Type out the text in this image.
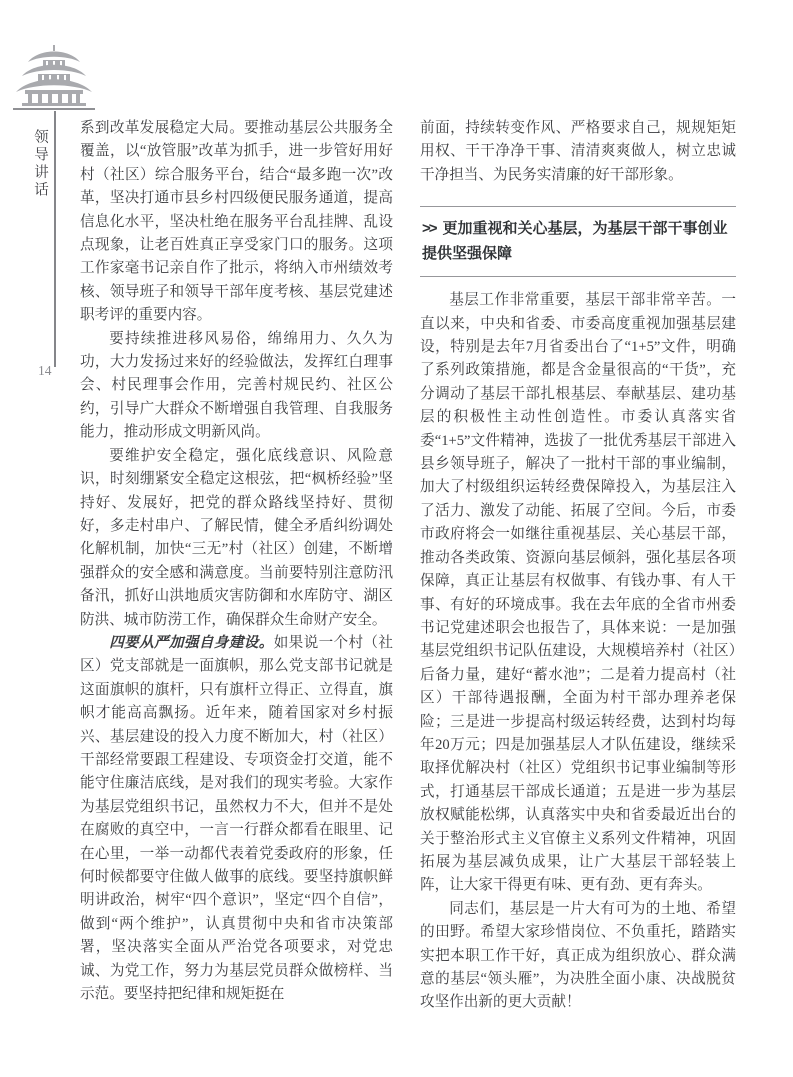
领导讲话
14

系到改革发展稳定大局。要推动基层公共服务全覆盖，以“放管服”改革为抓手，进一步管好用好村（社区）综合服务平台，结合“最多跑一次”改革，坚决打通市县乡村四级便民服务通道，提高信息化水平，坚决杜绝在服务平台乱挂牌、乱设点现象，让老百姓真正享受家门口的服务。这项工作家毫书记亲自作了批示，将纳入市州绩效考核、领导班子和领导干部年度考核、基层党建述职考评的重要内容。

要持续推进移风易俗，绵绵用力、久久为功，大力发扬过来好的经验做法，发挥红白理事会、村民理事会作用，完善村规民约、社区公约，引导广大群众不断增强自我管理、自我服务能力，推动形成文明新风尚。

要维护安全稳定，强化底线意识、风险意识，时刻绷紧安全稳定这根弦，把“枫桥经验”坚持好、发展好，把党的群众路线坚持好、贯彻好，多走村串户、了解民情，健全矛盾纠纷调处化解机制，加快“三无”村（社区）创建，不断增强群众的安全感和满意度。当前要特别注意防汛备汛，抓好山洪地质灾害防御和水库防守、湖区防洪、城市防涝工作，确保群众生命财产安全。

四要从严加强自身建设。如果说一个村（社区）党支部就是一面旗帜，那么党支部书记就是这面旗帜的旗杆，只有旗杆立得正、立得直，旗帜才能高高飘扬。近年来，随着国家对乡村振兴、基层建设的投入力度不断加大，村（社区）干部经常要跟工程建设、专项资金打交道，能不能守住廉洁底线，是对我们的现实考验。大家作为基层党组织书记，虽然权力不大，但并不是处在腐败的真空中，一言一行群众都看在眼里、记在心里，一举一动都代表着党委政府的形象，任何时候都要守住做人做事的底线。要坚持旗帜鲜明讲政治，树牢“四个意识”，坚定“四个自信”，做到“两个维护”，认真贯彻中央和省市决策部署，坚决落实全面从严治党各项要求，对党忠诚、为党工作，努力为基层党员群众做榜样、当示范。要坚持把纪律和规矩挺在

前面，持续转变作风、严格要求自己，规规矩矩用权、干干净净干事、清清爽爽做人，树立忠诚干净担当、为民务实清廉的好干部形象。

>> 更加重视和关心基层，为基层干部干事创业提供坚强保障

基层工作非常重要，基层干部非常辛苦。一直以来，中央和省委、市委高度重视加强基层建设，特别是去年7月省委出台了“1+5”文件，明确了系列政策措施，都是含金量很高的“干货”，充分调动了基层干部扎根基层、奉献基层、建功基层的积极性主动性创造性。市委认真落实省委“1+5”文件精神，选拔了一批优秀基层干部进入县乡领导班子，解决了一批村干部的事业编制，加大了村级组织运转经费保障投入，为基层注入了活力、激发了动能、拓展了空间。今后，市委市政府将会一如继往重视基层、关心基层干部，推动各类政策、资源向基层倾斜，强化基层各项保障，真正让基层有权做事、有钱办事、有人干事、有好的环境成事。我在去年底的全省市州委书记党建述职会也报告了，具体来说：一是加强基层党组织书记队伍建设，大规模培养村（社区）后备力量，建好“蓄水池”；二是着力提高村（社区）干部待遇报酬，全面为村干部办理养老保险；三是进一步提高村级运转经费，达到村均每年20万元；四是加强基层人才队伍建设，继续采取择优解决村（社区）党组织书记事业编制等形式，打通基层干部成长通道；五是进一步为基层放权赋能松绑，认真落实中央和省委最近出台的关于整治形式主义官僚主义系列文件精神，巩固拓展为基层减负成果，让广大基层干部轻装上阵，让大家干得更有味、更有劲、更有奔头。

同志们，基层是一片大有可为的土地、希望的田野。希望大家珍惜岗位、不负重托，踏踏实实把本职工作干好，真正成为组织放心、群众满意的基层“领头雁”，为决胜全面小康、决战脱贫攻坚作出新的更大贡献！
